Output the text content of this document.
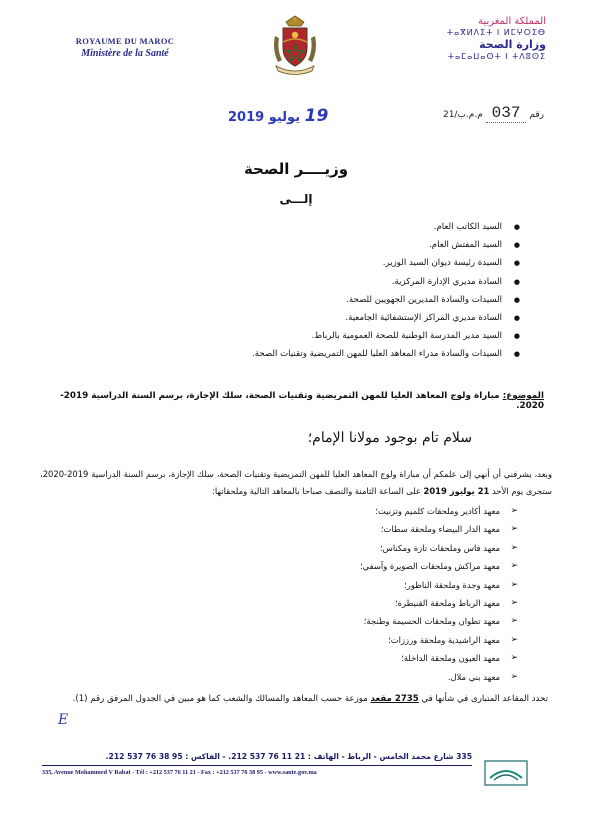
ROYAUME DU MAROC
Ministère de la Santé
المملكة المغربية
ⵜⴰⴳⵍⴷⵉⵜ ⵏ ⵍⵎⵖⵔⵉⴱ
وزارة الصحة
ⵜⴰⵎⴰⵡⴰⵙⵜ ⵏ ⵜⴷⵓⵙⵉ
19 يوليو 2019	رقم 037 م.م.ب/21
وزيــــر الصحة
إلـــى
● السيد الكاتب العام.
● السيد المفتش العام.
● السيدة رئيسة ديوان السيد الوزير.
● السادة مديري الإدارة المركزية.
● السيدات والسادة المديرين الجهويين للصحة.
● السادة مديري المراكز الإستشفائية الجامعية.
● السيد مدير المدرسة الوطنية للصحة العمومية بالرباط.
● السيدات والسادة مدراء المعاهد العليا للمهن التمريضية وتقنيات الصحة.
الموضوع: مباراة ولوج المعاهد العليا للمهن التمريضية وتقنيات الصحة، سلك الإجازة، برسم السنة الدراسية 2019-2020.
سلام تام بوجود مولانا الإمام؛
وبعد، يشرفني أن أنهي إلى علمكم أن مباراة ولوج المعاهد العليا للمهن التمريضية وتقنيات الصحة، سلك الإجازة، برسم السنة الدراسية 2019-2020، ستجرى يوم الأحد 21 يوليوز 2019 على الساعة الثامنة والنصف صباحا بالمعاهد التالية وملحقاتها:
➢ معهد أكادير وملحقات كلميم وتزنيت؛
➢ معهد الدار البيضاء وملحقة سطات؛
➢ معهد فاس وملحقات تازة ومكناس؛
➢ معهد مراكش وملحقات الصويرة وآسفي؛
➢ معهد وجدة وملحقة الناظور؛
➢ معهد الرباط وملحقة القنيطرة؛
➢ معهد تطوان وملحقات الحسيمة وطنجة؛
➢ معهد الراشيدية وملحقة ورززات؛
➢ معهد العيون وملحقة الداخلة؛
➢ معهد بني ملال.
تحدد المقاعد المتبارى في شأنها في 2735 مقعد موزعة حسب المعاهد والمسالك والشعب كما هو مبين في الجدول المرفق رقم (1).
E
335 شارع محمد الخامس - الرباط - الهاتف : 21 11 76 537 212. - الفاكس : 95 38 76 537 212.
335, Avenue Mohammed V Rabat - Tél : +212 537 76 11 21 - Fax : +212 537 76 38 95 - www.sante.gov.ma
